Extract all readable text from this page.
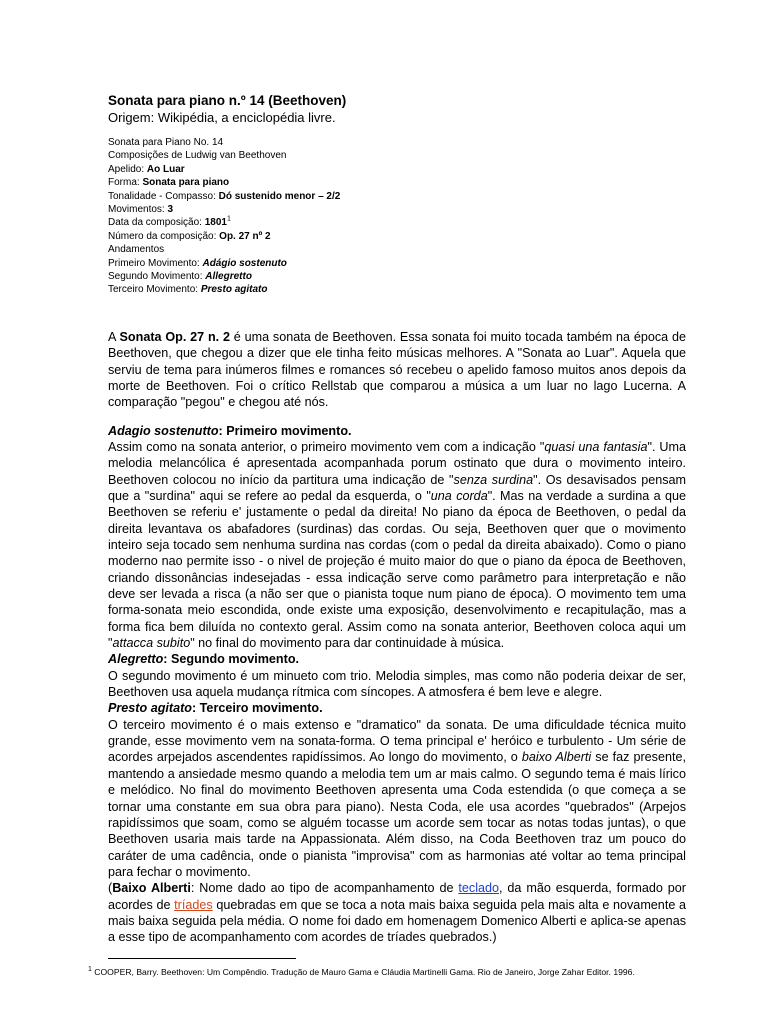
Sonata para piano n.º 14 (Beethoven)

Origem: Wikipédia, a enciclopédia livre.

Sonata para Piano No. 14
Composições de Ludwig van Beethoven
Apelido: Ao Luar
Forma: Sonata para piano
Tonalidade - Compasso: Dó sustenido menor – 2/2
Movimentos: 3
Data da composição: 1801$^1$
Número da composição: Op. 27 nº 2
Andamentos
Primeiro Movimento: Adágio sostenuto
Segundo Movimento: Allegretto
Terceiro Movimento: Presto agitato

A Sonata Op. 27 n. 2 é uma sonata de Beethoven. Essa sonata foi muito tocada também na época de Beethoven, que chegou a dizer que ele tinha feito músicas melhores. A "Sonata ao Luar". Aquela que serviu de tema para inúmeros filmes e romances só recebeu o apelido famoso muitos anos depois da morte de Beethoven. Foi o crítico Rellstab que comparou a música a um luar no lago Lucerna. A comparação "pegou" e chegou até nós.

Adagio sostenutto: Primeiro movimento.

Assim como na sonata anterior, o primeiro movimento vem com a indicação "quasi una fantasia". Uma melodia melancólica é apresentada acompanhada porum ostinato que dura o movimento inteiro. Beethoven colocou no início da partitura uma indicação de "senza surdina". Os desavisados pensam que a "surdina" aqui se refere ao pedal da esquerda, o "una corda". Mas na verdade a surdina a que Beethoven se referiu e' justamente o pedal da direita! No piano da época de Beethoven, o pedal da direita levantava os abafadores (surdinas) das cordas. Ou seja, Beethoven quer que o movimento inteiro seja tocado sem nenhuma surdina nas cordas (com o pedal da direita abaixado). Como o piano moderno nao permite isso - o nivel de projeção é muito maior do que o piano da época de Beethoven, criando dissonâncias indesejadas - essa indicação serve como parâmetro para interpretação e não deve ser levada a risca (a não ser que o pianista toque num piano de época). O movimento tem uma forma-sonata meio escondida, onde existe uma exposição, desenvolvimento e recapitulação, mas a forma fica bem diluída no contexto geral. Assim como na sonata anterior, Beethoven coloca aqui um "attacca subito" no final do movimento para dar continuidade à música.

Alegretto: Segundo movimento.

O segundo movimento é um minueto com trio. Melodia simples, mas como não poderia deixar de ser, Beethoven usa aquela mudança rítmica com síncopes. A atmosfera é bem leve e alegre.

Presto agitato: Terceiro movimento.

O terceiro movimento é o mais extenso e "dramatico" da sonata. De uma dificuldade técnica muito grande, esse movimento vem na sonata-forma. O tema principal e' heróico e turbulento - Um série de acordes arpejados ascendentes rapidíssimos. Ao longo do movimento, o baixo Alberti se faz presente, mantendo a ansiedade mesmo quando a melodia tem um ar mais calmo. O segundo tema é mais lírico e melódico. No final do movimento Beethoven apresenta uma Coda estendida (o que começa a se tornar uma constante em sua obra para piano). Nesta Coda, ele usa acordes "quebrados" (Arpejos rapidíssimos que soam, como se alguém tocasse um acorde sem tocar as notas todas juntas), o que Beethoven usaria mais tarde na Appassionata. Além disso, na Coda Beethoven traz um pouco do caráter de uma cadência, onde o pianista "improvisa" com as harmonias até voltar ao tema principal para fechar o movimento.

(Baixo Alberti: Nome dado ao tipo de acompanhamento de teclado, da mão esquerda, formado por acordes de tríades quebradas em que se toca a nota mais baixa seguida pela mais alta e novamente a mais baixa seguida pela média. O nome foi dado em homenagem Domenico Alberti e aplica-se apenas a esse tipo de acompanhamento com acordes de tríades quebrados.)

$^1$ COOPER, Barry. Beethoven: Um Compêndio. Tradução de Mauro Gama e Cláudia Martinelli Gama. Rio de Janeiro, Jorge Zahar Editor. 1996.
